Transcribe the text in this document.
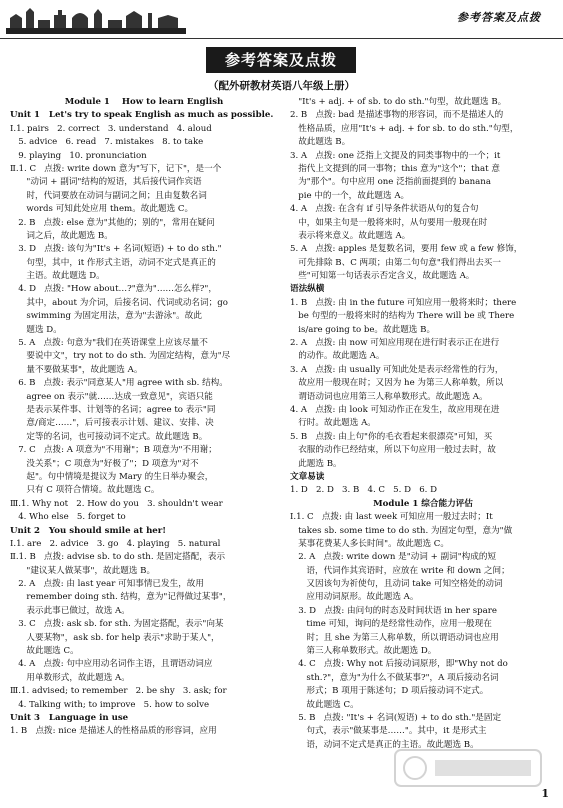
参考答案及点拨
参考答案及点拨
（配外研教材英语八年级上册）
Module 1    How to learn English
Unit 1   Let's try to speak English as much as possible.
Ⅰ.1. pairs   2. correct   3. understand   4. aloud
5. advice   6. read   7. mistakes   8. to take
9. playing   10. pronunciation
Ⅱ.1. C   点拨: write down 意为"写下，记下"，是一个
"动词 + 副词"结构的短语，其后接代词作宾语
时，代词要放在动词与副词之间；且由复数名词
words 可知此处应用 them。故此题选 C。
2. B   点拨: else 意为"其他的；别的"，常用在疑问
词之后，故此题选 B。
3. D   点拨: 该句为"It's + 名词(短语) + to do sth."
句型，其中，it 作形式主语，动词不定式是真正的
主语。故此题选 D。
4. D   点拨: "How about…?"意为"……怎么样?"，
其中，about 为介词，后接名词、代词或动名词；go
swimming 为固定用法，意为"去游泳"。故此
题选 D。
5. A   点拨: 句意为"我们在英语课堂上应该尽量不
要说中文"，try not to do sth. 为固定结构，意为"尽
量不要做某事"，故此题选 A。
6. B   点拨: 表示"同意某人"用 agree with sb. 结构。
agree on 表示"就……达成一致意见"，宾语只能
是表示某件事、计划等的名词；agree to 表示"同
意/商定……"，后可接表示计划、建议、安排、决
定等的名词，也可接动词不定式。故此题选 B。
7. C   点拨: A 项意为"不用谢"；B 项意为"不用谢；
没关系"；C 项意为"好极了"；D 项意为"对不
起"。句中情境是提议为 Mary 的生日举办聚会，
只有 C 项符合情境。故此题选 C。
Ⅲ.1. Why not   2. How do you   3. shouldn't wear
4. Who else   5. forget to
Unit 2   You should smile at her!
Ⅰ.1. are   2. advice   3. go   4. playing   5. natural
Ⅱ.1. B   点拨: advise sb. to do sth. 是固定搭配，表示
"建议某人做某事"，故此题选 B。
2. A   点拨: 由 last year 可知事情已发生，故用
remember doing sth. 结构，意为"记得做过某事"，
表示此事已做过，故选 A。
3. C   点拨: ask sb. for sth. 为固定搭配，表示"向某
人要某物"，ask sb. for help 表示"求助于某人"，
故此题选 C。
4. A   点拨: 句中应用动名词作主语，且谓语动词应
用单数形式，故此题选 A。
Ⅲ.1. advised; to remember   2. be shy   3. ask; for
4. Talking with; to improve   5. how to solve
Unit 3   Language in use
1. B   点拨: nice 是描述人的性格品质的形容词，应用
"It's + adj. + of sb. to do sth."句型，故此题选 B。
2. B   点拨: bad 是描述事物的形容词，而不是描述人的
性格品质，应用"It's + adj. + for sb. to do sth."句型，
故此题选 B。
3. A   点拨: one 泛指上文提及的同类事物中的一个；it
指代上文提到的同一事物；this 意为"这个"；that 意
为"那个"。句中应用 one 泛指前面提到的 banana
pie 中的一个，故此题选 A。
4. A   点拨: 在含有 if 引导条件状语从句的复合句
中，如果主句是一般将来时，从句要用一般现在时
表示将来意义。故此题选 A。
5. A   点拨: apples 是复数名词，要用 few 或 a few 修饰，
可先排除 B、C 两项；由第二句句意"我们得出去买一
些"可知第一句话表示否定含义，故此题选 A。
语法纵横
1. B   点拨: 由 in the future 可知应用一般将来时；there
be 句型的一般将来时的结构为 There will be 或 There
is/are going to be。故此题选 B。
2. A   点拨: 由 now 可知应用现在进行时表示正在进行
的动作。故此题选 A。
3. A   点拨: 由 usually 可知此处是表示经常性的行为，
故应用一般现在时；又因为 he 为第三人称单数，所以
谓语动词也应用第三人称单数形式。故此题选 A。
4. A   点拨: 由 look 可知动作正在发生，故应用现在进
行时。故此题选 A。
5. B   点拨: 由上句"你的毛衣看起来很漂亮"可知，买
衣服的动作已经结束，所以下句应用一般过去时，故
此题选 B。
文章易读
1. D   2. D   3. B   4. C   5. D   6. D
Module 1 综合能力评估
Ⅰ.1. C   点拨: 由 last week 可知应用一般过去时；It
takes sb. some time to do sth. 为固定句型，意为"做
某事花费某人多长时间"。故此题选 C。
2. A   点拨: write down 是"动词 + 副词"构成的短
语，代词作其宾语时，应放在 write 和 down 之间；
又因该句为祈使句，且动词 take 可知空格处的动词
应用动词原形。故此题选 A。
3. D   点拨: 由问句的时态及时间状语 in her spare
time 可知，询问的是经常性动作，应用一般现在
时；且 she 为第三人称单数，所以谓语动词也应用
第三人称单数形式。故此题选 D。
4. C   点拨: Why not 后接动词原形，即"Why not do
sth.?"，意为"为什么不做某事?"，A 项后接动名词
形式；B 项用于陈述句；D 项后接动词不定式。
故此题选 C。
5. B   点拨: "It's + 名词(短语) + to do sth."是固定
句式，表示"做某事是……"。其中，it 是形式主
语，动词不定式是真正的主语。故此题选 B。
1
